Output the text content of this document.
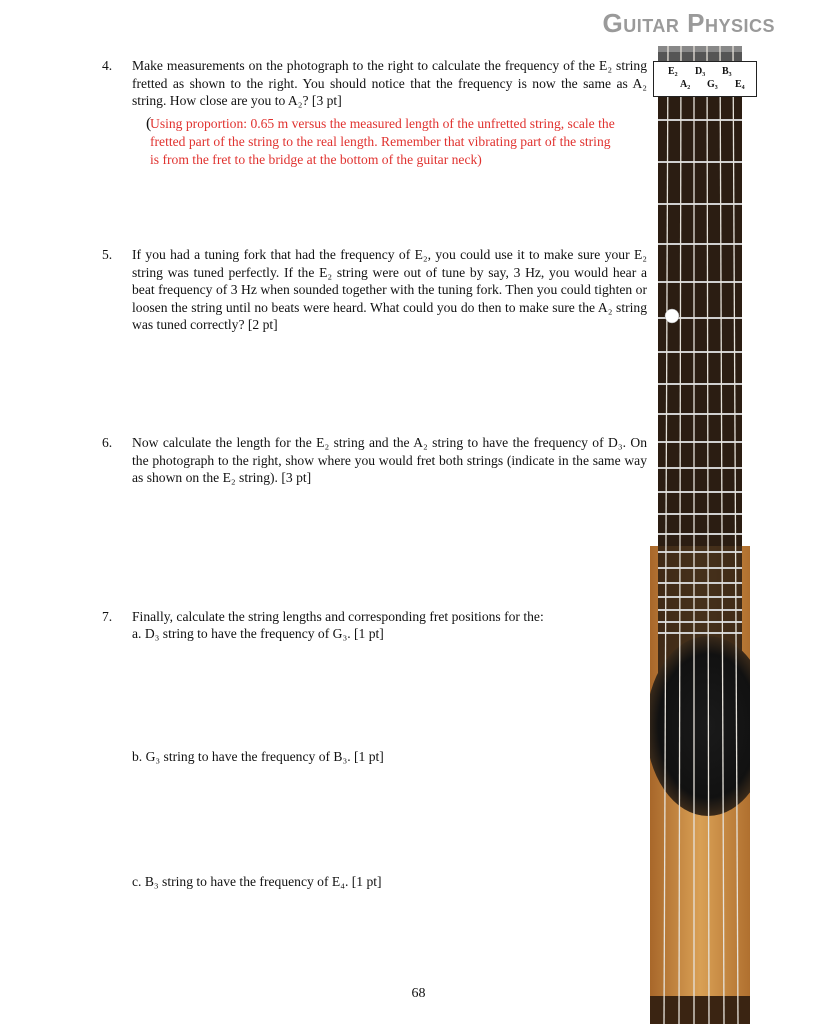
Guitar Physics
4. Make measurements on the photograph to the right to calculate the frequency of the E₂ string fretted as shown to the right. You should notice that the frequency is now the same as A₂ string. How close are you to A₂? [3 pt]
(
Using proportion: 0.65 m versus the measured length of the unfretted string, scale the fretted part of the string to the real length. Remember that vibrating part of the string is from the fret to the bridge at the bottom of the guitar neck)
5. If you had a tuning fork that had the frequency of E₂, you could use it to make sure your E₂ string was tuned perfectly. If the E₂ string were out of tune by say, 3 Hz, you would hear a beat frequency of 3 Hz when sounded together with the tuning fork. Then you could tighten or loosen the string until no beats were heard. What could you do then to make sure the A₂ string was tuned correctly? [2 pt]
6. Now calculate the length for the E₂ string and the A₂ string to have the frequency of D₃. On the photograph to the right, show where you would fret both strings (indicate in the same way as shown on the E₂ string). [3 pt]
7. Finally, calculate the string lengths and corresponding fret positions for the:
a. D₃ string to have the frequency of G₃. [1 pt]
b. G₃ string to have the frequency of B₃. [1 pt]
c. B₃ string to have the frequency of E₄. [1 pt]
68
E₂ D₃ B₃
A₂ G₃ E₄
